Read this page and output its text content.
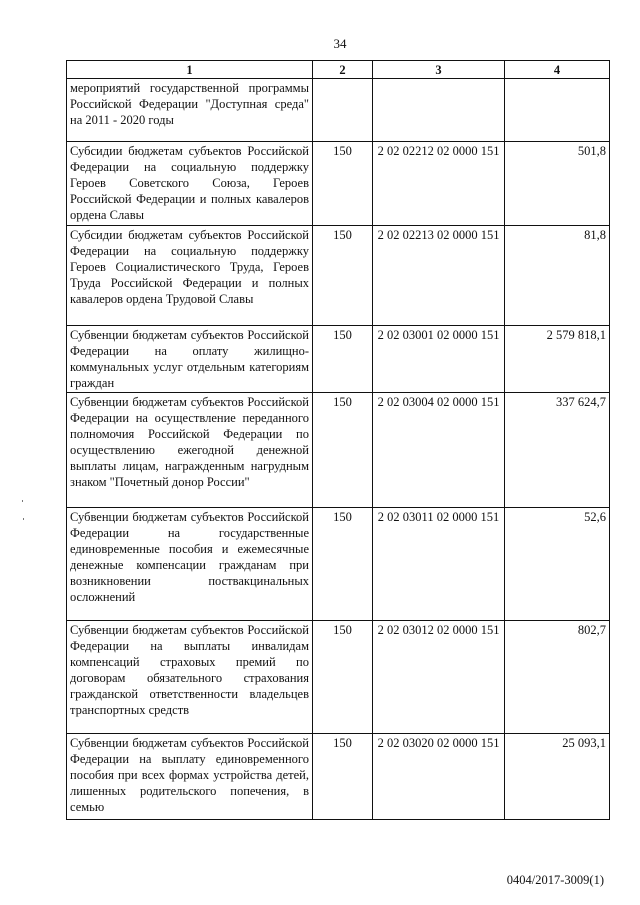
34
1	2	3	4
мероприятий государственной программы Российской Федерации "Доступная среда" на 2011 - 2020 годы			
Субсидии бюджетам субъектов Российской Федерации на социальную поддержку Героев Советского Союза, Героев Российской Федерации и полных кавалеров ордена Славы	150	2 02 02212 02 0000 151	501,8
Субсидии бюджетам субъектов Российской Федерации на социальную поддержку Героев Социалистического Труда, Героев Труда Российской Федерации и полных кавалеров ордена Трудовой Славы	150	2 02 02213 02 0000 151	81,8
Субвенции бюджетам субъектов Российской Федерации на оплату жилищно-коммунальных услуг отдельным категориям граждан	150	2 02 03001 02 0000 151	2 579 818,1
Субвенции бюджетам субъектов Российской Федерации на осуществление переданного полномочия Российской Федерации по осуществлению ежегодной денежной выплаты лицам, награжденным нагрудным знаком "Почетный донор России"	150	2 02 03004 02 0000 151	337 624,7
Субвенции бюджетам субъектов Российской Федерации на государственные единовременные пособия и ежемесячные денежные компенсации гражданам при возникновении поствакцинальных осложнений	150	2 02 03011 02 0000 151	52,6
Субвенции бюджетам субъектов Российской Федерации на выплаты инвалидам компенсаций страховых премий по договорам обязательного страхования гражданской ответственности владельцев транспортных средств	150	2 02 03012 02 0000 151	802,7
Субвенции бюджетам субъектов Российской Федерации на выплату единовременного пособия при всех формах устройства детей, лишенных родительского попечения, в семью	150	2 02 03020 02 0000 151	25 093,1
0404/2017-3009(1)
